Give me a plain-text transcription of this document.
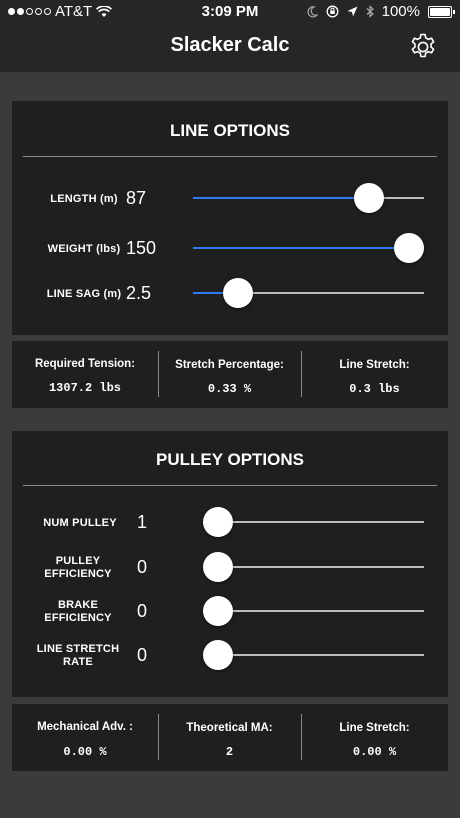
AT&T	3:09 PM	100%
Slacker Calc
LINE OPTIONS
LENGTH (m) 87
WEIGHT (lbs) 150
LINE SAG (m) 2.5
Required Tension:
1307.2 lbs
Stretch Percentage:
0.33 %
Line Stretch:
0.3 lbs
PULLEY OPTIONS
NUM PULLEY	1
PULLEY
EFFICIENCY	0
BRAKE
EFFICIENCY	0
LINE STRETCH
RATE	0
Mechanical Adv. :
0.00 %
Theoretical MA:
2
Line Stretch:
0.00 %
